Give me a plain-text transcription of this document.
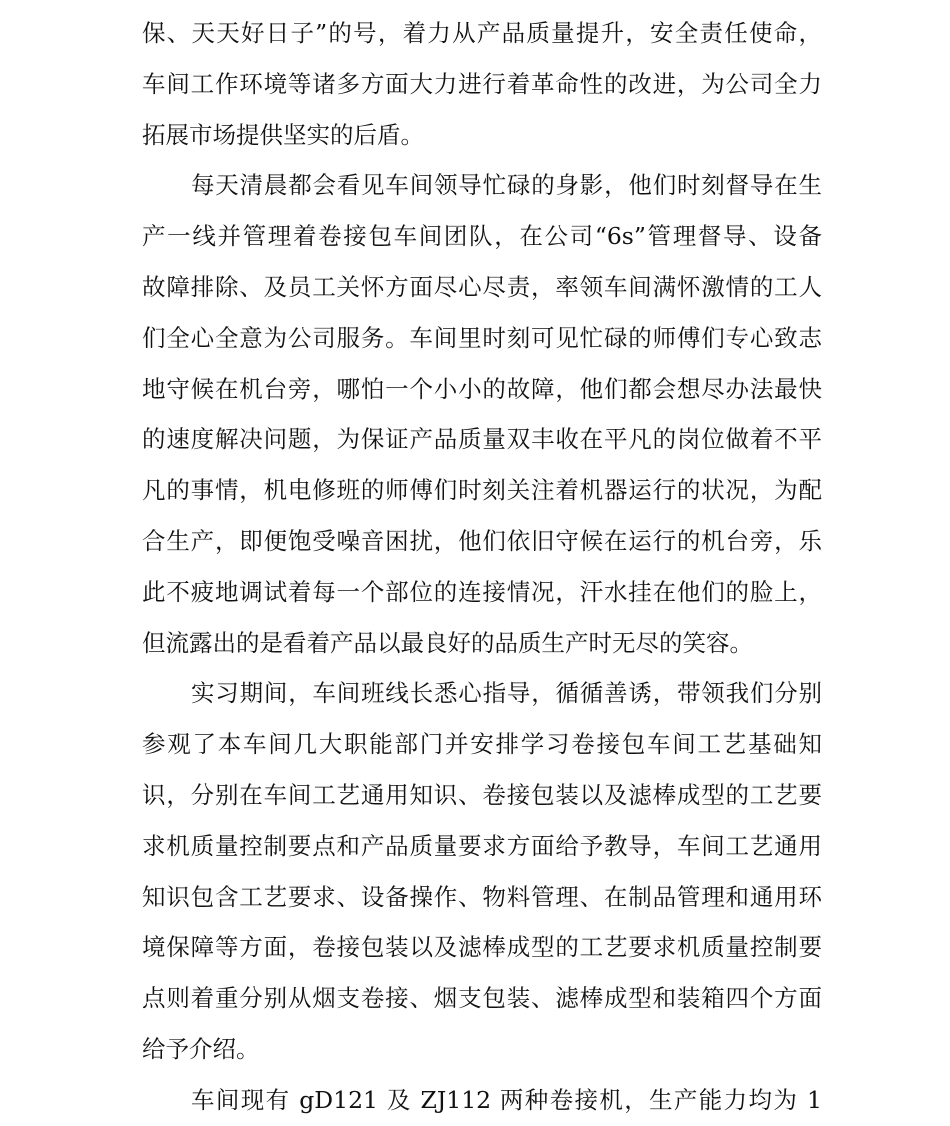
保、天天好日子”的号，着力从产品质量提升，安全责任使命，
车间工作环境等诸多方面大力进行着革命性的改进，为公司全力
拓展市场提供坚实的后盾。
每天清晨都会看见车间领导忙碌的身影，他们时刻督导在生
产一线并管理着卷接包车间团队，在公司“6s”管理督导、设备
故障排除、及员工关怀方面尽心尽责，率领车间满怀激情的工人
们全心全意为公司服务。车间里时刻可见忙碌的师傅们专心致志
地守候在机台旁，哪怕一个小小的故障，他们都会想尽办法最快
的速度解决问题，为保证产品质量双丰收在平凡的岗位做着不平
凡的事情，机电修班的师傅们时刻关注着机器运行的状况，为配
合生产，即便饱受噪音困扰，他们依旧守候在运行的机台旁，乐
此不疲地调试着每一个部位的连接情况，汗水挂在他们的脸上，
但流露出的是看着产品以最良好的品质生产时无尽的笑容。
实习期间，车间班线长悉心指导，循循善诱，带领我们分别
参观了本车间几大职能部门并安排学习卷接包车间工艺基础知
识，分别在车间工艺通用知识、卷接包装以及滤棒成型的工艺要
求机质量控制要点和产品质量要求方面给予教导，车间工艺通用
知识包含工艺要求、设备操作、物料管理、在制品管理和通用环
境保障等方面，卷接包装以及滤棒成型的工艺要求机质量控制要
点则着重分别从烟支卷接、烟支包装、滤棒成型和装箱四个方面
给予介绍。
车间现有 gD121 及 ZJ112 两种卷接机，生产能力均为 1
